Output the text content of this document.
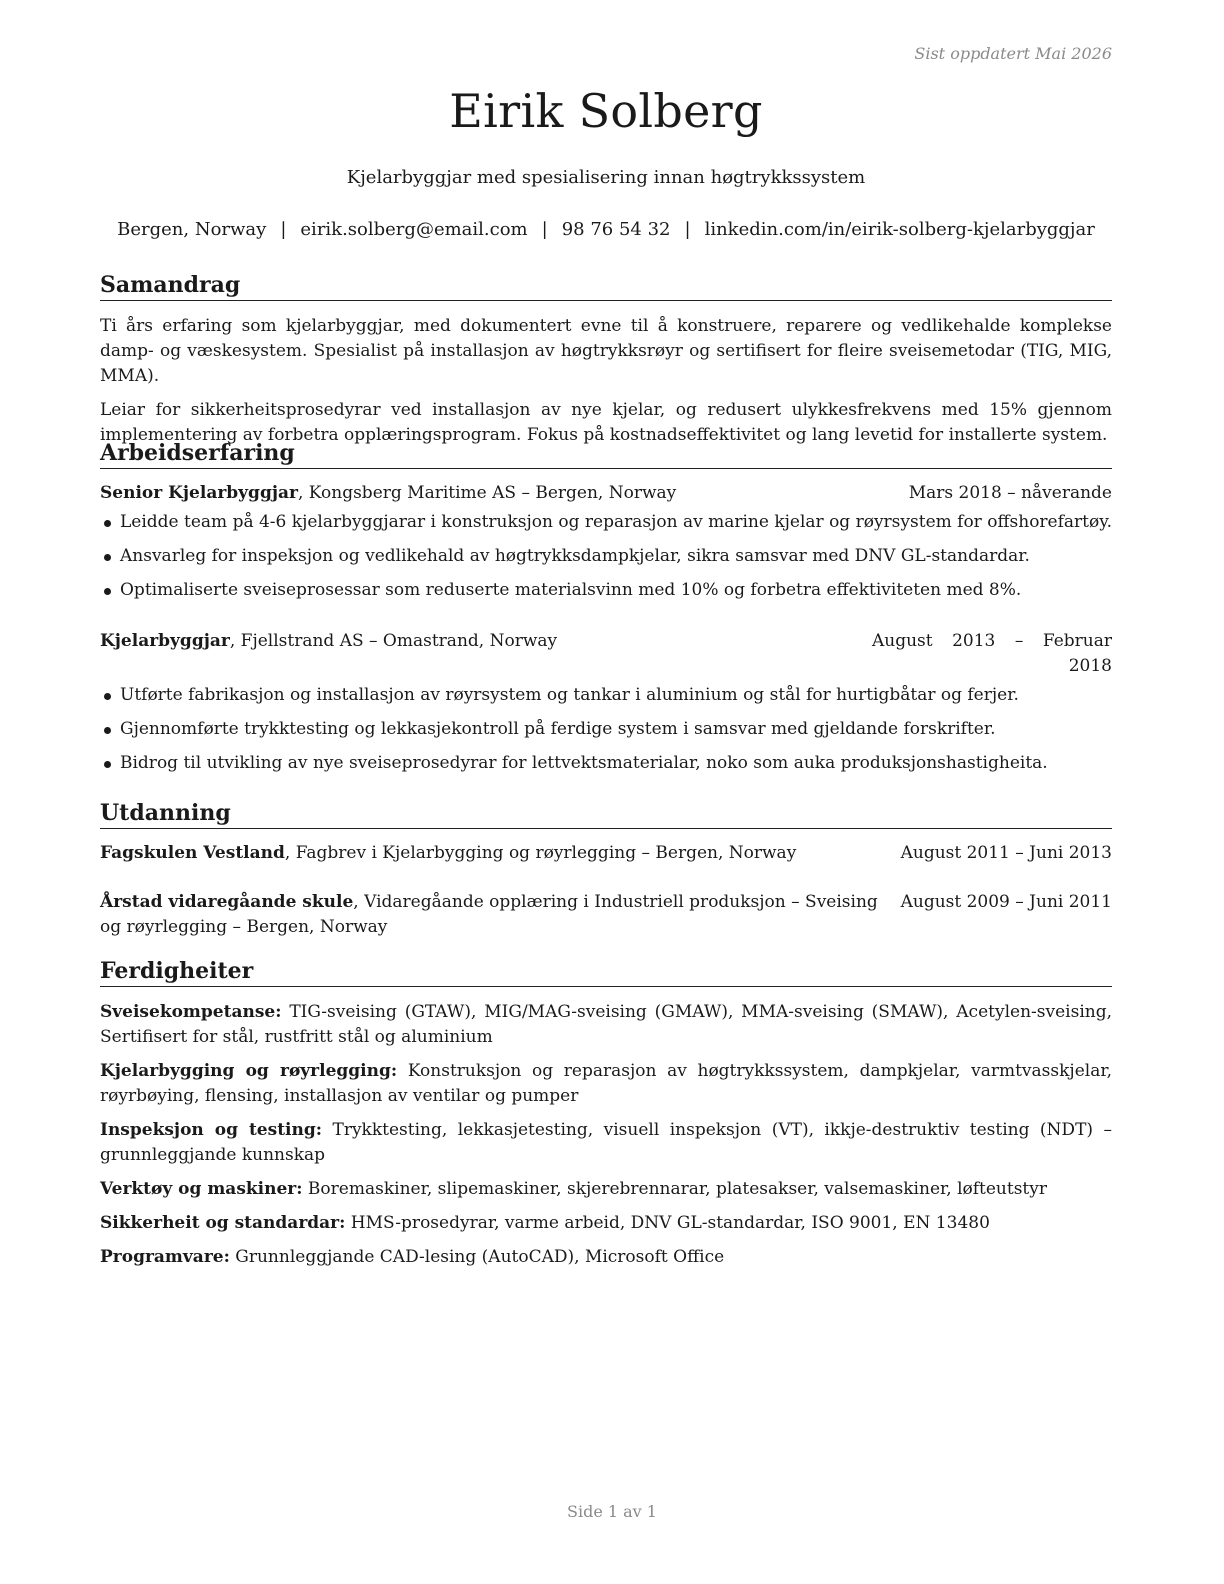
Sist oppdatert Mai 2026
Eirik Solberg
Kjelarbyggjar med spesialisering innan høgtrykkssystem
Bergen, Norway | eirik.solberg@email.com | 98 76 54 32 | linkedin.com/in/eirik-solberg-kjelarbyggjar
Samandrag

Ti års erfaring som kjelarbyggjar, med dokumentert evne til å konstruere, reparere og vedlikehalde komplekse damp- og væskesystem. Spesialist på installasjon av høgtrykksrøyr og sertifisert for fleire sveisemetodar (TIG, MIG, MMA).

Leiar for sikkerheitsprosedyrar ved installasjon av nye kjelar, og redusert ulykkesfrekvens med 15% gjennom implementering av forbetra opplæringsprogram. Fokus på kostnadseffektivitet og lang levetid for installerte system.

Arbeidserfaring
Senior Kjelarbyggjar, Kongsberg Maritime AS – Bergen, Norway	Mars 2018 – nåverande
Leidde team på 4-6 kjelarbyggjarar i konstruksjon og reparasjon av marine kjelar og røyrsystem for offshorefartøy.
Ansvarleg for inspeksjon og vedlikehald av høgtrykksdampkjelar, sikra samsvar med DNV GL-standardar.
Optimaliserte sveiseprosessar som reduserte materialsvinn med 10% og forbetra effektiviteten med 8%.
Kjelarbyggjar, Fjellstrand AS – Omastrand, Norway	August 2013 – Februar
2018
Utførte fabrikasjon og installasjon av røyrsystem og tankar i aluminium og stål for hurtigbåtar og ferjer.
Gjennomførte trykktesting og lekkasjekontroll på ferdige system i samsvar med gjeldande forskrifter.
Bidrog til utvikling av nye sveiseprosedyrar for lettvektsmaterialar, noko som auka produksjonshastigheita.
Utdanning
Fagskulen Vestland, Fagbrev i Kjelarbygging og røyrlegging – Bergen, Norway	August 2011 – Juni 2013
Årstad vidaregåande skule, Vidaregåande opplæring i Industriell produksjon – Sveising og røyrlegging – Bergen, Norway
August 2009 – Juni 2011
Ferdigheiter

Sveisekompetanse: TIG-sveising (GTAW), MIG/MAG-sveising (GMAW), MMA-sveising (SMAW), Acetylen-sveising, Sertifisert for stål, rustfritt stål og aluminium

Kjelarbygging og røyrlegging: Konstruksjon og reparasjon av høgtrykkssystem, dampkjelar, varmtvasskjelar, røyrbøying, flensing, installasjon av ventilar og pumper

Inspeksjon og testing: Trykktesting, lekkasjetesting, visuell inspeksjon (VT), ikkje-destruktiv testing (NDT) – grunnleggjande kunnskap

Verktøy og maskiner: Boremaskiner, slipemaskiner, skjerebrennarar, platesakser, valsemaskiner, løfteutstyr

Sikkerheit og standardar: HMS-prosedyrar, varme arbeid, DNV GL-standardar, ISO 9001, EN 13480

Programvare: Grunnleggjande CAD-lesing (AutoCAD), Microsoft Office

Side 1 av 1
